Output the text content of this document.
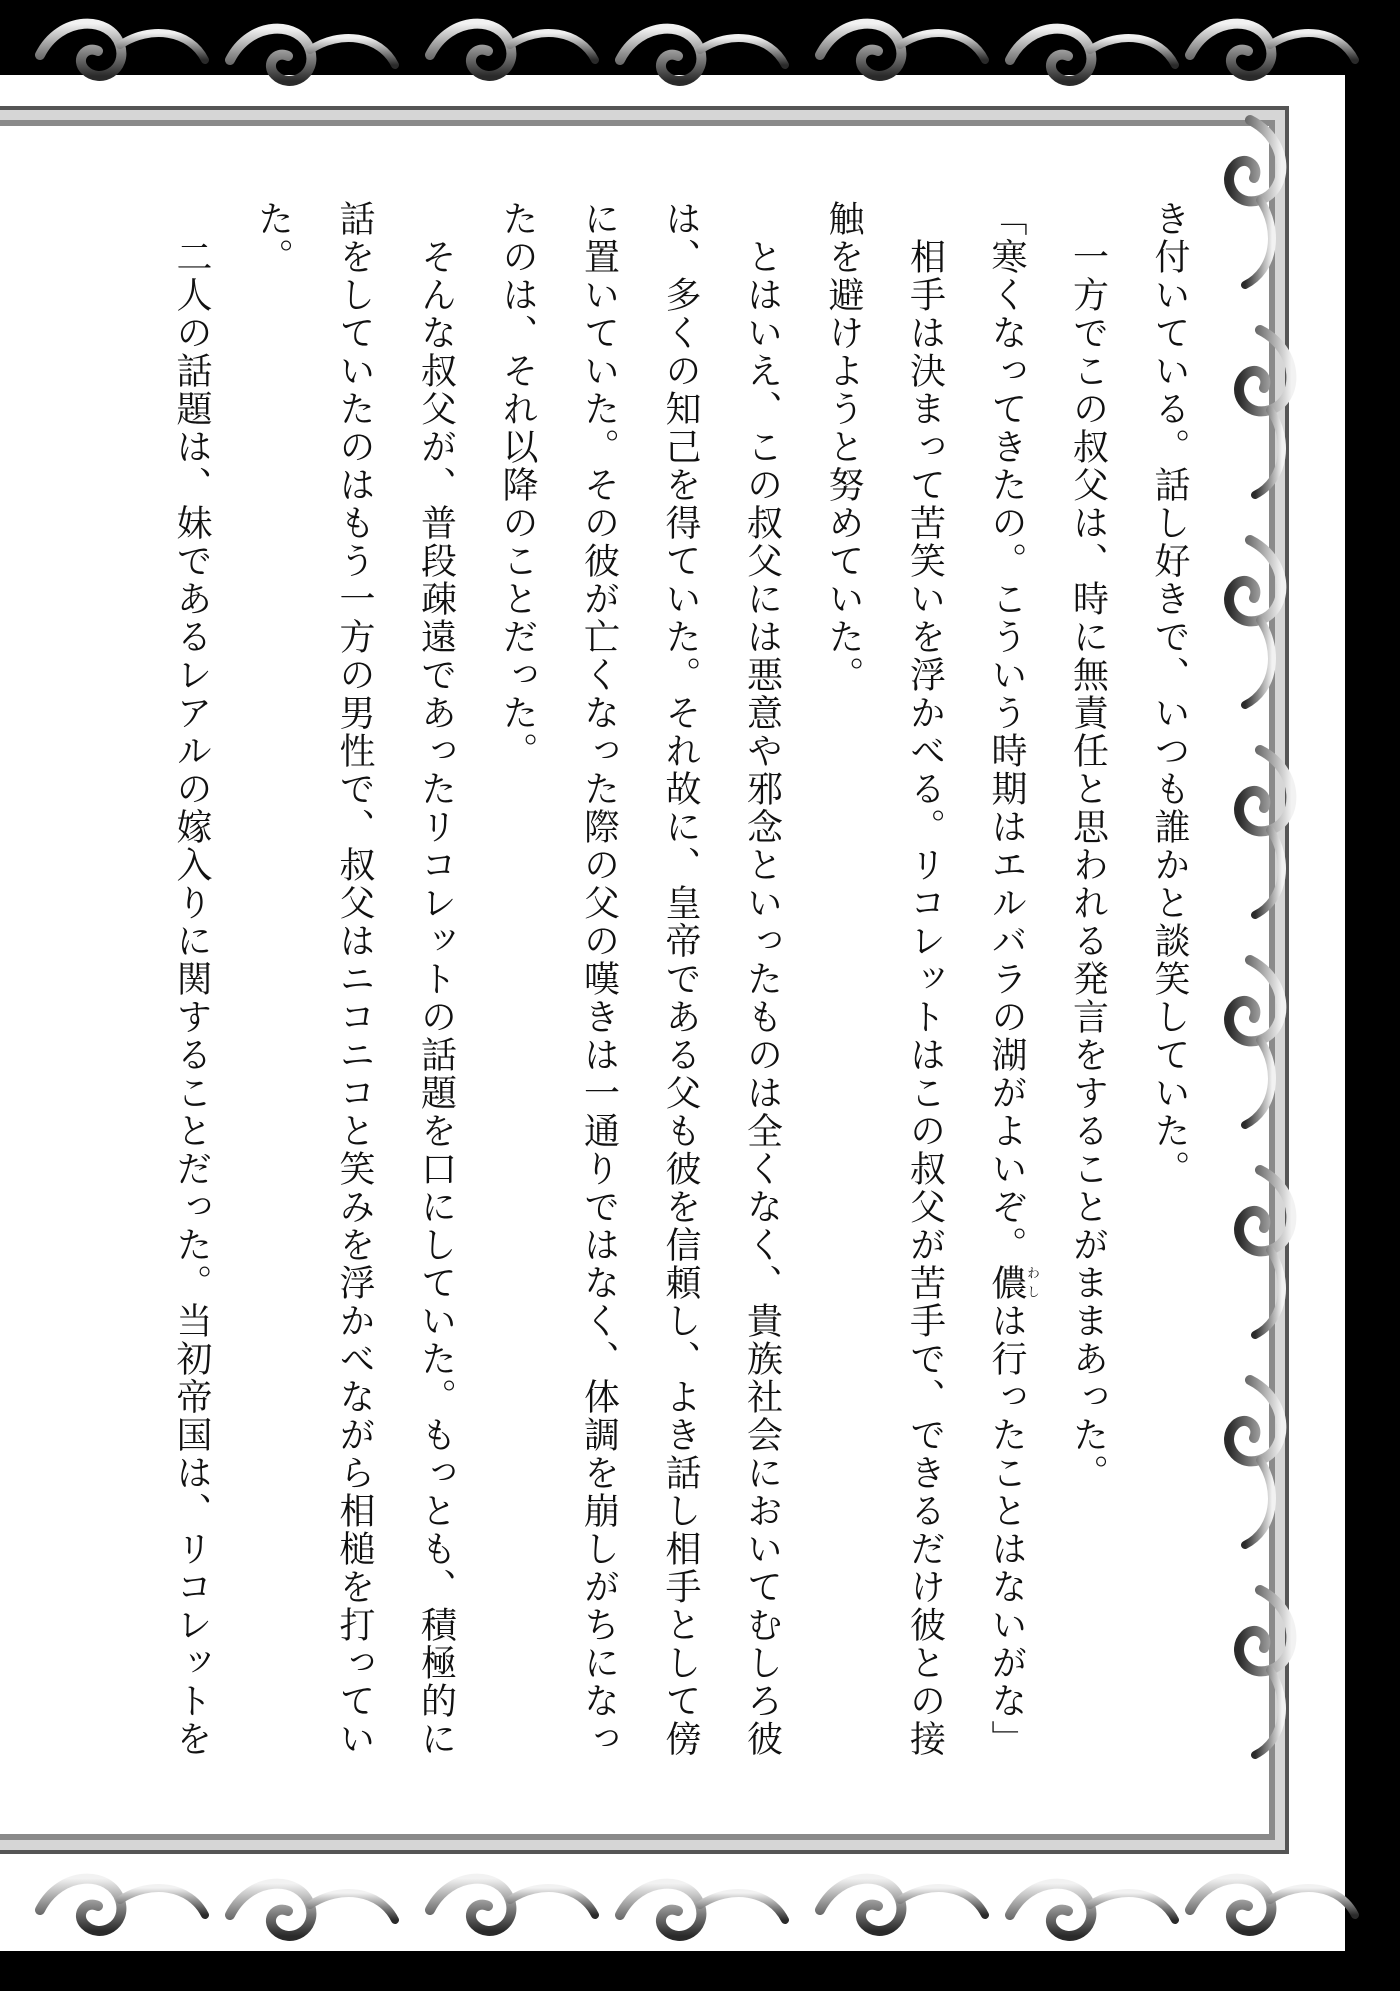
き付いている。話し好きで、いつも誰かと談笑していた。

　一方でこの叔父は、時に無責任と思われる発言をすることがままあった。

「寒くなってきたの。こういう時期はエルバラの湖がよいぞ。儂わしは行ったことはないがな」

　相手は決まって苦笑いを浮かべる。リコレットはこの叔父が苦手で、できるだけ彼との接触を避けようと努めていた。

　とはいえ、この叔父には悪意や邪念といったものは全くなく、貴族社会においてむしろ彼は、多くの知己を得ていた。それ故に、皇帝である父も彼を信頼し、よき話し相手として傍に置いていた。その彼が亡くなった際の父の嘆きは一通りではなく、体調を崩しがちになったのは、それ以降のことだった。

　そんな叔父が、普段疎遠であったリコレットの話題を口にしていた。もっとも、積極的に話をしていたのはもう一方の男性で、叔父はニコニコと笑みを浮かべながら相槌を打っていた。

　二人の話題は、妹であるレアルの嫁入りに関することだった。当初帝国は、リコレットを
